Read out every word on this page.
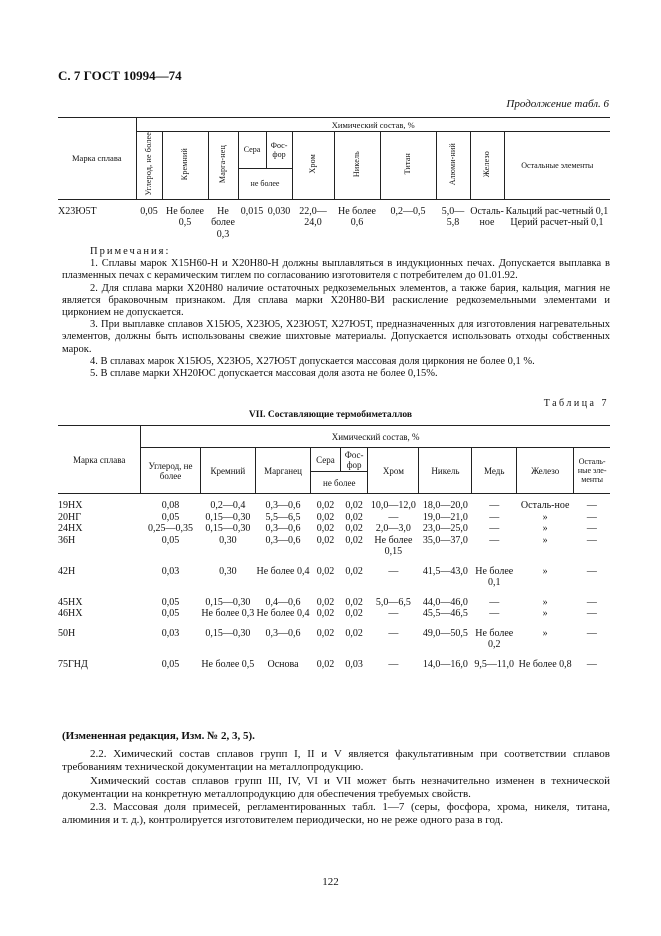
С. 7 ГОСТ 10994—74
Продолжение табл. 6
Марка сплава	Химический состав, %										
	Углерод, не более	Кремний	Марга-нец	Сера	Фос-фор	Хром	Никель	Титан	Алюми-ний	Железо	Остальные элементы
				не более							
Х23Ю5Т	0,05	Не более 0,5	Не более 0,3	0,015	0,030	22,0—24,0	Не более 0,6	0,2—0,5	5,0—5,8	Осталь-ное	Кальций рас-четный 0,1 Церий расчет-ный 0,1

Примечания:

1. Сплавы марок Х15Н60-Н и Х20Н80-Н должны выплавляться в индукционных печах. Допускается выплавка в плазменных печах с керамическим тиглем по согласованию изготовителя с потребителем до 01.01.92.

2. Для сплава марки Х20Н80 наличие остаточных редкоземельных элементов, а также бария, кальция, магния не является браковочным признаком. Для сплава марки Х20Н80-ВИ раскисление редкоземельными элементами и цирконием не допускается.

3. При выплавке сплавов Х15Ю5, Х23Ю5, Х23Ю5Т, Х27Ю5Т, предназначенных для изготовления нагревательных элементов, должны быть использованы свежие шихтовые материалы. Допускается использовать отходы собственных марок.

4. В сплавах марок Х15Ю5, Х23Ю5, Х27Ю5Т допускается массовая доля циркония не более 0,1 %.

5. В сплаве марки ХН20ЮС допускается массовая доля азота не более 0,15%.

Таблица 7
VII. Составляющие термобиметаллов
Марка сплава	Химический состав, %									
	Углерод, не более	Кремний	Марганец	Сера	Фос-фор	Хром	Никель	Медь	Железо	Осталь-ные эле-менты
				не более						
19НХ	0,08	0,2—0,4	0,3—0,6	0,02	0,02	10,0—12,0	18,0—20,0	—	Осталь-ное	—
20НГ	0,05	0,15—0,30	5,5—6,5	0,02	0,02	—	19,0—21,0	—	»	—
24НХ	0,25—0,35	0,15—0,30	0,3—0,6	0,02	0,02	2,0—3,0	23,0—25,0	—	»	—
36Н	0,05	0,30	0,3—0,6	0,02	0,02	Не более 0,15	35,0—37,0	—	»	—
42Н	0,03	0,30	Не более 0,4	0,02	0,02	—	41,5—43,0	Не более 0,1	»	—
45НХ	0,05	0,15—0,30	0,4—0,6	0,02	0,02	5,0—6,5	44,0—46,0	—	»	—
46НХ	0,05	Не более 0,3	Не более 0,4	0,02	0,02	—	45,5—46,5	—	»	—
50Н	0,03	0,15—0,30	0,3—0,6	0,02	0,02	—	49,0—50,5	Не более 0,2	»	—
75ГНД	0,05	Не более 0,5	Основа	0,02	0,03	—	14,0—16,0	9,5—11,0	Не более 0,8	—

(Измененная редакция, Изм. № 2, 3, 5).

2.2. Химический состав сплавов групп I, II и V является факультативным при соответствии сплавов требованиям технической документации на металлопродукцию.

Химический состав сплавов групп III, IV, VI и VII может быть незначительно изменен в технической документации на конкретную металлопродукцию для обеспечения требуемых свойств.

2.3. Массовая доля примесей, регламентированных табл. 1—7 (серы, фосфора, хрома, никеля, титана, алюминия и т. д.), контролируется изготовителем периодически, но не реже одного раза в год.

122
